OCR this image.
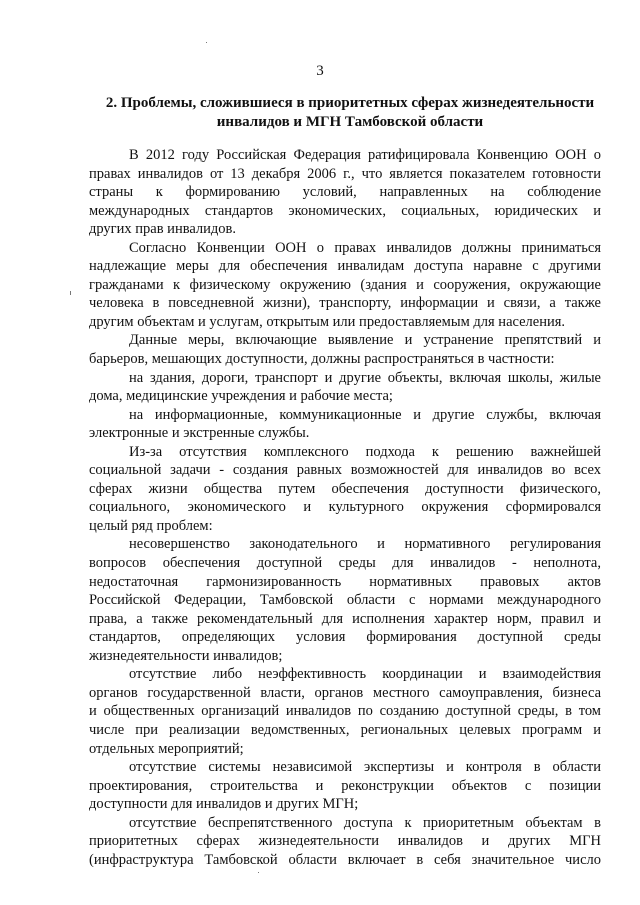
3
2. Проблемы, сложившиеся в приоритетных сферах жизнедеятельности
инвалидов и МГН Тамбовской области
В 2012 году Российская Федерация ратифицировала Конвенцию ООН о
правах инвалидов от 13 декабря 2006 г., что является показателем готовности
страны к формированию условий, направленных на соблюдение
международных стандартов экономических, социальных, юридических и
других прав инвалидов.
Согласно Конвенции ООН о правах инвалидов должны приниматься
надлежащие меры для обеспечения инвалидам доступа наравне с другими
гражданами к физическому окружению (здания и сооружения, окружающие
человека в повседневной жизни), транспорту, информации и связи, а также
другим объектам и услугам, открытым или предоставляемым для населения.
Данные меры, включающие выявление и устранение препятствий и
барьеров, мешающих доступности, должны распространяться в частности:
на здания, дороги, транспорт и другие объекты, включая школы, жилые
дома, медицинские учреждения и рабочие места;
на информационные, коммуникационные и другие службы, включая
электронные и экстренные службы.
Из-за отсутствия комплексного подхода к решению важнейшей
социальной задачи - создания равных возможностей для инвалидов во всех
сферах жизни общества путем обеспечения доступности физического,
социального, экономического и культурного окружения сформировался
целый ряд проблем:
несовершенство законодательного и нормативного регулирования
вопросов обеспечения доступной среды для инвалидов - неполнота,
недостаточная гармонизированность нормативных правовых актов
Российской Федерации, Тамбовской области с нормами международного
права, а также рекомендательный для исполнения характер норм, правил и
стандартов, определяющих условия формирования доступной среды
жизнедеятельности инвалидов;
отсутствие либо неэффективность координации и взаимодействия
органов государственной власти, органов местного самоуправления, бизнеса
и общественных организаций инвалидов по созданию доступной среды, в том
числе при реализации ведомственных, региональных целевых программ и
отдельных мероприятий;
отсутствие системы независимой экспертизы и контроля в области
проектирования, строительства и реконструкции объектов с позиции
доступности для инвалидов и других МГН;
отсутствие беспрепятственного доступа к приоритетным объектам в
приоритетных сферах жизнедеятельности инвалидов и других МГН
(инфраструктура Тамбовской области включает в себя значительное число
